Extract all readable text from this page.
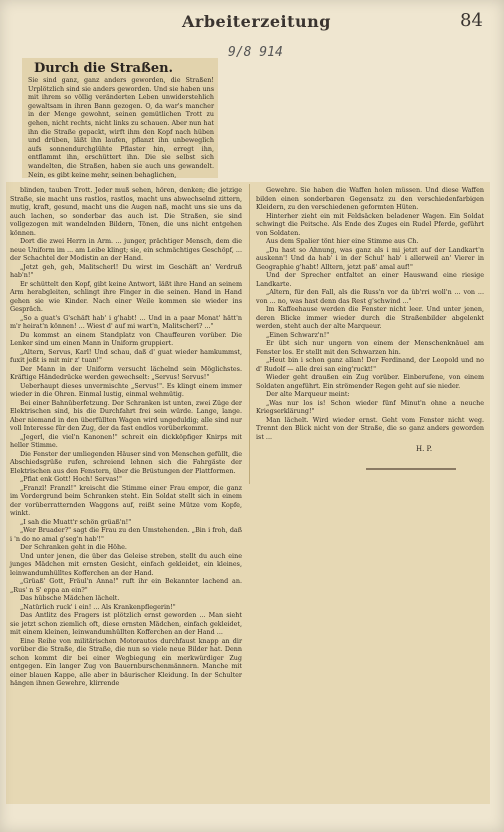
Arbeiterzeitung	84
9/8 914
Durch die Straßen.
Sie sind ganz, ganz anders geworden, die Straßen! Urplötzlich sind sie anders geworden. Und sie haben uns mit ihrem so völlig veränderten Leben unwiderstehlich gewaltsam in ihren Bann gezogen. O, da war's mancher in der Menge gewohnt, seinen gemütlichen Trott zu gehen, nicht rechts, nicht links zu schauen. Aber nun hat ihn die Straße gepackt, wirft ihm den Kopf nach hüben und drüben, läßt ihn laufen, pflanzt ihn unbeweglich aufs sonnendurchglühte Pflaster hin, erregt ihn, entflammt ihn, erschüttert ihn. Die sie selbst sich wandelten, die Straßen, haben sie auch uns gewandelt. Nein, es gibt keine mehr, seinen behaglichen,

blinden, tauben Trott. Jeder muß sehen, hören, denken; die jetzige Straße, sie macht uns rastlos, rastlos, macht uns abwechselnd zittern, mutig, kraft, gesund, macht uns die Augen naß, macht uns sie uns da auch lachen, so sonderbar das auch ist. Die Straßen, sie sind vollgezogen mit wandelnden Bildern, Tönen, die uns nicht entgehen können.

Dort die zwei Herrn in Arm. ... junger, prächtiger Mensch, dem die neue Uniform im ... am Leibe klingt; sie, ein schmächtiges Geschöpf, ... der Schachtel der Modistin an der Hand.

„Jetzt geh, geh, Malitscherl! Du wirst im Geschäft an' Verdruß hab'n!"

Er schüttelt den Kopf, gibt keine Antwort, läßt ihre Hand an seinem Arm herabgleiten, schlingt ihre Finger in die seinen. Hand in Hand gehen sie wie Kinder. Nach einer Weile kommen sie wieder ins Gespräch.

„So a guat's G'schäft hab' i g'habt! ... Und in a paar Monat' hätt'n m'r heirat'n können! ... Wiest d' auf mi wart'n, Malitscherl? ..."

Du kommst an einem Standplatz von Chauffeuren vorüber. Die Lenker sind um einen Mann in Uniform gruppiert.

„Altern, Servus, Karl! Und schau, daß d' guat wieder hamkummst, fuxit jeßt is mit mir z' tuan!"

Der Mann in der Uniform versucht lächelnd sein Möglichstes. Kräftige Händedrücke werden gewechselt: „Servus! Servus!"

Ueberhaupt dieses unvermischte „Servus!". Es klingt einem immer wieder in die Ohren. Einmal lustig, einmal wehmütig.

Bei einer Bahnüberfetzung. Der Schranken ist unten, zwei Züge der Elektrischen sind, bis die Durchfahrt frei sein würde. Lange, lange. Aber niemand in den überfüllten Wagen wird ungeduldig; alle sind nur voll Interesse für den Zug, der da fast endlos vorüberkommt.

„Jegerl, die viel'n Kanonen!" schreit ein dickköpfiger Knirps mit heller Stimme.

Die Fenster der umliegenden Häuser sind von Menschen gefüllt, die Abschiedsgrüße rufen, schreiend lehnen sich die Fahrgäste der Elektrischen aus den Fenstern, über die Brüstungen der Plattformen.

„Pfiat enk Gott! Hoch! Servas!"

„Franzl! Franzl!" kreischt die Stimme einer Frau empor, die ganz im Vordergrund beim Schranken steht. Ein Soldat stellt sich in einem der vorüberratternden Waggons auf, reißt seine Mütze vom Kopfe, winkt.

„I sah die Muatt'r schön grüaß'n!"

„Wer Bruader?" sagt die Frau zu den Umstehenden. „Bin i froh, daß i 'n do no amal g'seg'n hab'!"

Der Schranken geht in die Höhe.

Und unter jenen, die über das Geleise streben, stellt du auch eine junges Mädchen mit ernsten Gesicht, einfach gekleidet, ein kleines, leinwandumhülltes Kofferchen an der Hand.

„Grüaß' Gott, Fräul'n Anna!" ruft ihr ein Bekannter lachend an. „Rus' n S' eppa an ein?"

Das hübsche Mädchen lächelt.

„Natürlich ruck' i ein! ... Als Krankenpflegerin!"

Das Antlitz des Fragers ist plötzlich ernst geworden ... Man sieht sie jetzt schon ziemlich oft, diese ernsten Mädchen, einfach gekleidet, mit einem kleinen, leinwandumhüllten Kofferchen an der Hand ...

Eine Reihe von militärischen Motorautos durchfaust knapp an dir vorüber die Straße, die Straße, die nun so viele neue Bilder hat. Denn schon kommt dir bei einer Wegbiegung ein merkwürdiger Zug entgegen. Ein langer Zug von Bauernburschenmännern. Manche mit einer blauen Kappe, alle aber in bäurischer Kleidung. In der Schulter hängen ihnen Gewehre, klirrende

Gewehre. Sie haben die Waffen holen müssen. Und diese Waffen bilden einen sonderbaren Gegensatz zu den verschiedenfarbigen Kleidern, zu den verschiedenen geformten Hüten.

Hinterher zieht ein mit Feldsäcken beladener Wagen. Ein Soldat schwingt die Peitsche. Als Ende des Zuges ein Rudel Pferde, geführt von Soldaten.

Aus dem Spalier tönt hier eine Stimme aus Ch.

„Du hast so Ahnung, was ganz als i mi jetzt auf der Landkart'n auskenn'! Und da hab' i in der Schul' hab' i allerweil an' Vierer in Geographie g'habt! Alltern, jetzt paß' amal auf!"

Und der Sprecher entfaltet an einer Hauswand eine riesige Landkarte.

„Altern, für den Fall, als die Russ'n vor da üb'rri woll'n ... von ... von ... no, was hast denn das Rest g'schwind ..."

Im Kaffeehause werden die Fenster nicht leer. Und unter jenen, deren Blicke immer wieder durch die Straßenbilder abgelenkt werden, steht auch der alte Marqueur.

„Einen Schwarz'n!"

Er übt sich nur ungern von einem der Menschenknäuel am Fenster los. Er stellt mit den Schwarzen hin.

„Heut bin i schon ganz allan! Der Ferdinand, der Leopold und no d' Rudolf — alle drei san eing'ruckt!"

Wieder geht draußen ein Zug vorüber. Einberufene, von einem Soldaten angeführt. Ein strömender Regen geht auf sie nieder.

Der alte Marqueur meint:

„Was nur los is! Schon wieder fünf Minut'n ohne a neuche Kriegserklärung!"

Man lächelt. Wird wieder ernst. Geht vom Fenster nicht weg. Trennt den Blick nicht von der Straße, die so ganz anders geworden ist ...

H. P.
